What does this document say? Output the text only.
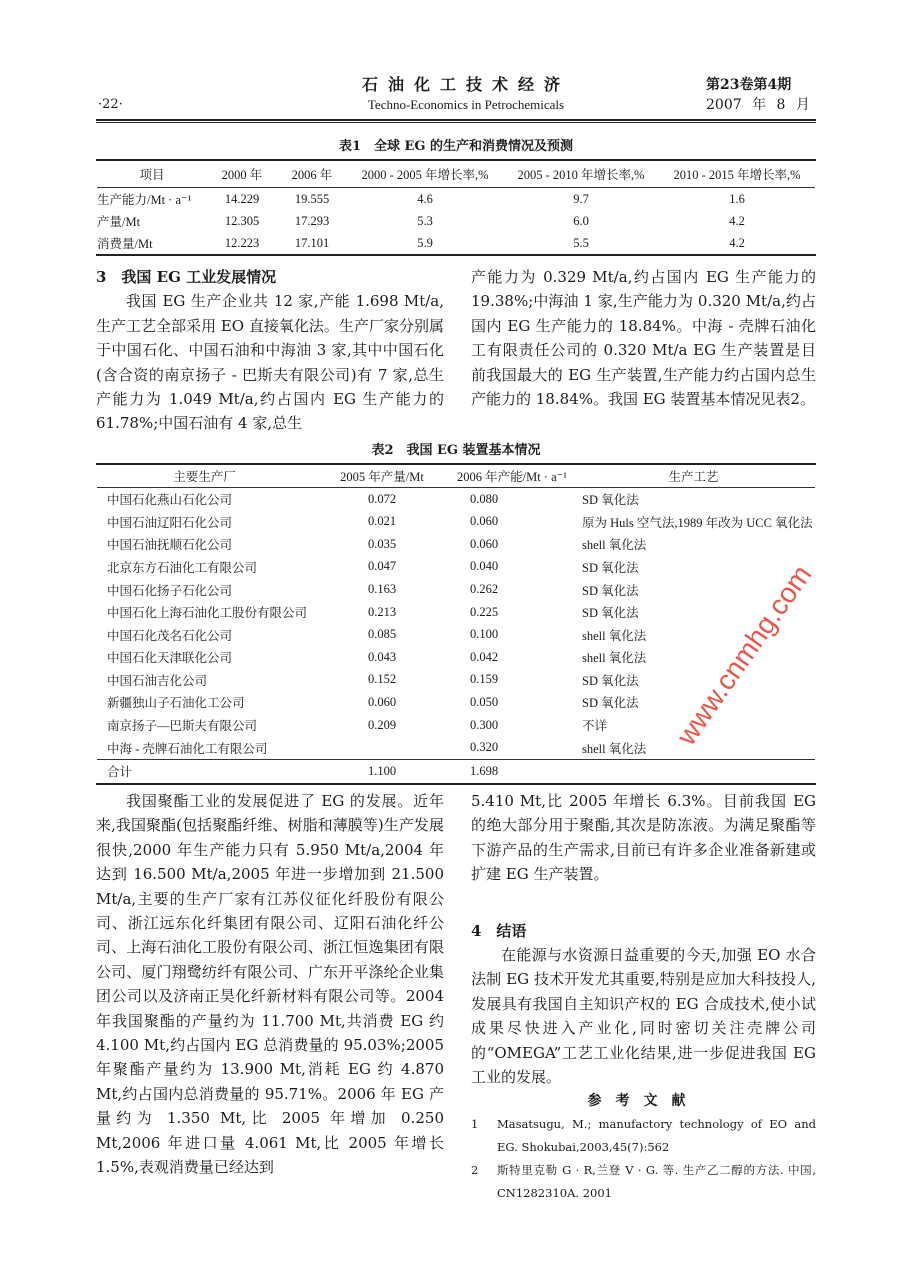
·22·
石油化工技术经济
Techno-Economics in Petrochemicals
第23卷第4期
2007 年 8 月
表1　全球 EG 的生产和消费情况及预测
项目	2000 年	2006 年	2000 - 2005 年增长率,%	2005 - 2010 年增长率,%	2010 - 2015 年增长率,%
生产能力/Mt · a⁻¹	14.229	19.555	4.6	9.7	1.6
产量/Mt	12.305	17.293	5.3	6.0	4.2
消费量/Mt	12.223	17.101	5.9	5.5	4.2
3　我国 EG 工业发展情况

我国 EG 生产企业共 12 家,产能 1.698 Mt/a,生产工艺全部采用 EO 直接氧化法。生产厂家分别属于中国石化、中国石油和中海油 3 家,其中中国石化(含合资的南京扬子 - 巴斯夫有限公司)有 7 家,总生产能力为 1.049 Mt/a,约占国内 EG 生产能力的 61.78%;中国石油有 4 家,总生

产能力为 0.329 Mt/a,约占国内 EG 生产能力的 19.38%;中海油 1 家,生产能力为 0.320 Mt/a,约占国内 EG 生产能力的 18.84%。中海 - 壳牌石油化工有限责任公司的 0.320 Mt/a EG 生产装置是目前我国最大的 EG 生产装置,生产能力约占国内总生产能力的 18.84%。我国 EG 装置基本情况见表2。

表2　我国 EG 装置基本情况
主要生产厂	2005 年产量/Mt	2006 年产能/Mt · a⁻¹	生产工艺
中国石化燕山石化公司	0.072	0.080	SD 氧化法
中国石油辽阳石化公司	0.021	0.060	原为 Huls 空气法,1989 年改为 UCC 氧化法
中国石油抚顺石化公司	0.035	0.060	shell 氧化法
北京东方石油化工有限公司	0.047	0.040	SD 氧化法
中国石化扬子石化公司	0.163	0.262	SD 氧化法
中国石化上海石油化工股份有限公司	0.213	0.225	SD 氧化法
中国石化茂名石化公司	0.085	0.100	shell 氧化法
中国石化天津联化公司	0.043	0.042	shell 氧化法
中国石油吉化公司	0.152	0.159	SD 氧化法
新疆独山子石油化工公司	0.060	0.050	SD 氧化法
南京扬子—巴斯夫有限公司	0.209	0.300	不详
中海 - 壳牌石油化工有限公司		0.320	shell 氧化法
合计	1.100	1.698	
www.cnmhg.com

我国聚酯工业的发展促进了 EG 的发展。近年来,我国聚酯(包括聚酯纤维、树脂和薄膜等)生产发展很快,2000 年生产能力只有 5.950 Mt/a,2004 年达到 16.500 Mt/a,2005 年进一步增加到 21.500 Mt/a,主要的生产厂家有江苏仪征化纤股份有限公司、浙江远东化纤集团有限公司、辽阳石油化纤公司、上海石油化工股份有限公司、浙江恒逸集团有限公司、厦门翔鹭纺纤有限公司、广东开平涤纶企业集团公司以及济南正昊化纤新材料有限公司等。2004 年我国聚酯的产量约为 11.700 Mt,共消费 EG 约 4.100 Mt,约占国内 EG 总消费量的 95.03%;2005 年聚酯产量约为 13.900 Mt,消耗 EG 约 4.870 Mt,约占国内总消费量的 95.71%。2006 年 EG 产量约为 1.350 Mt,比 2005 年增加 0.250 Mt,2006 年进口量 4.061 Mt,比 2005 年增长 1.5%,表观消费量已经达到

5.410 Mt,比 2005 年增长 6.3%。目前我国 EG 的绝大部分用于聚酯,其次是防冻液。为满足聚酯等下游产品的生产需求,目前已有许多企业准备新建或扩建 EG 生产装置。

4　结语

在能源与水资源日益重要的今天,加强 EO 水合法制 EG 技术开发尤其重要,特别是应加大科技投人,发展具有我国自主知识产权的 EG 合成技术,使小试成果尽快进入产业化,同时密切关注壳牌公司的“OMEGA”工艺工业化结果,进一步促进我国 EG 工业的发展。

参考文献
1	Masatsugu, M.; manufactory technology of EO and EG. Shokubai,2003,45(7):562
2	斯特里克勒 G · R,兰登 V · G. 等. 生产乙二醇的方法. 中国, CN1282310A. 2001
